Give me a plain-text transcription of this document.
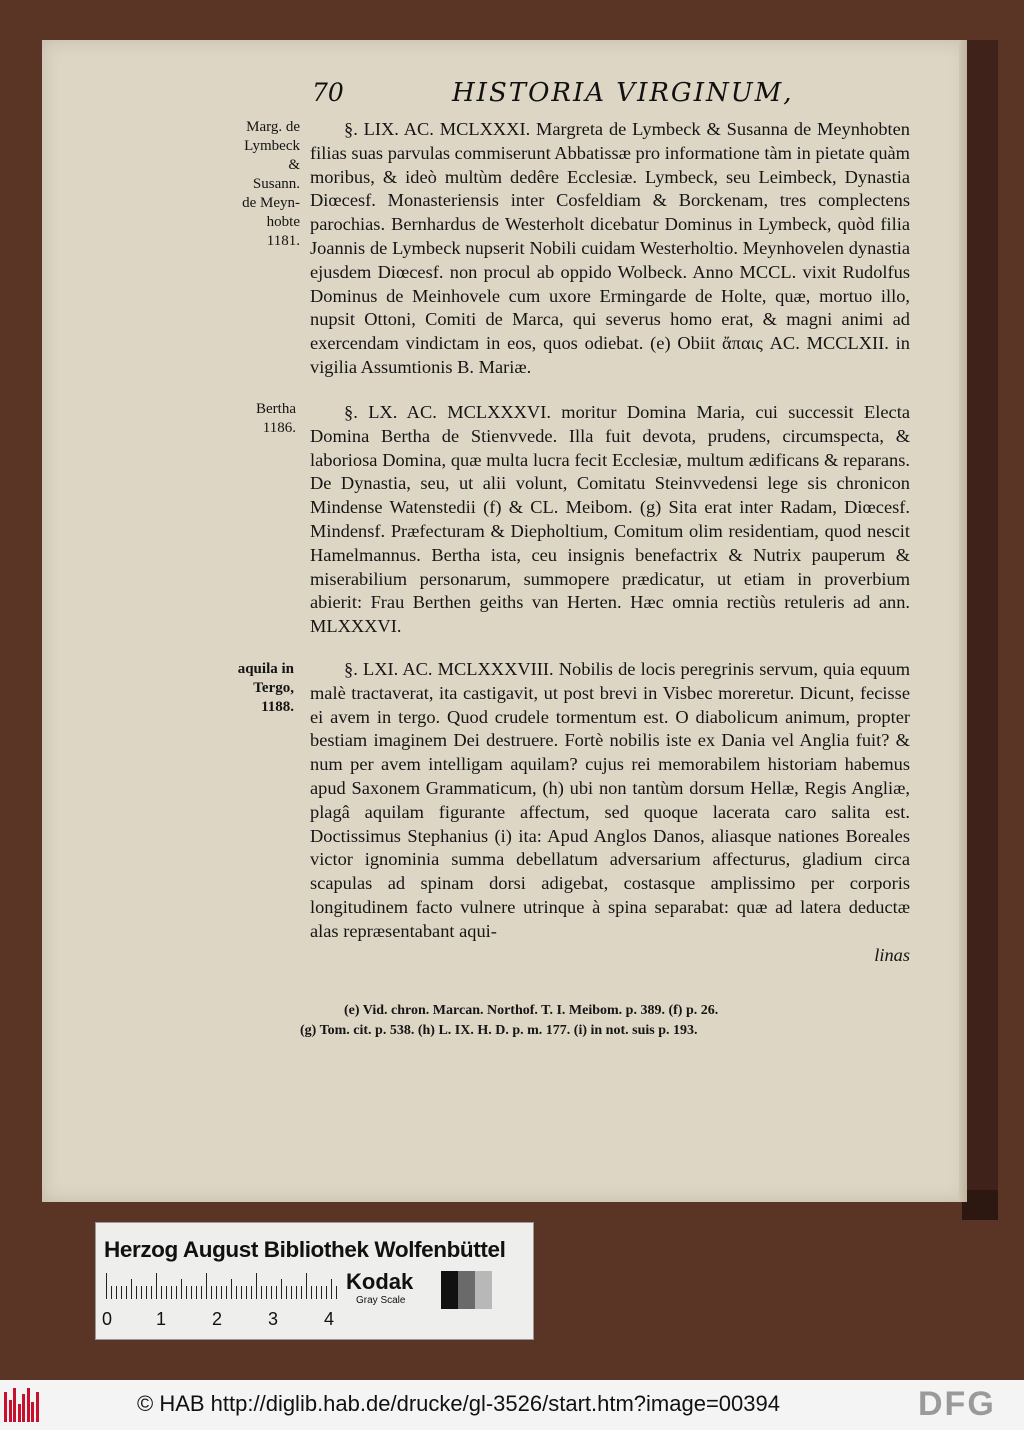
70	HISTORIA VIRGINUM,
Marg. de
Lymbeck
& Susann.
de Meyn-
hobte
1181.
Bertha
1186.
aquila in
Tergo,
1188.

§. LIX. AC. MCLXXXI. Margreta de Lymbeck & Susanna de Meynhobten filias suas parvulas commiserunt Abbatissæ pro informatione tàm in pietate quàm moribus, & ideò multùm dedêre Ecclesiæ. Lymbeck, seu Leimbeck, Dynastia Diœcesf. Monasteriensis inter Cosfeldiam & Borckenam, tres complectens parochias. Bernhardus de Westerholt dicebatur Dominus in Lymbeck, quòd filia Joannis de Lymbeck nupserit Nobili cuidam Westerholtio. Meynhovelen dynastia ejusdem Diœcesf. non procul ab oppido Wolbeck. Anno MCCL. vixit Rudolfus Dominus de Meinhovele cum uxore Ermingarde de Holte, quæ, mortuo illo, nupsit Ottoni, Comiti de Marca, qui severus homo erat, & magni animi ad exercendam vindictam in eos, quos odiebat. (e) Obiit ἄπαις AC. MCCLXII. in vigilia Assumtionis B. Mariæ.

§. LX. AC. MCLXXXVI. moritur Domina Maria, cui successit Electa Domina Bertha de Stienvvede. Illa fuit devota, prudens, circumspecta, & laboriosa Domina, quæ multa lucra fecit Ecclesiæ, multum ædificans & reparans. De Dynastia, seu, ut alii volunt, Comitatu Steinvvedensi lege sis chronicon Mindense Watenstedii (f) & CL. Meibom. (g) Sita erat inter Radam, Diœcesf. Mindensf. Præfecturam & Diepholtium, Comitum olim residentiam, quod nescit Hamelmannus. Bertha ista, ceu insignis benefactrix & Nutrix pauperum & miserabilium personarum, summopere prædicatur, ut etiam in proverbium abierit: Frau Berthen geiths van Herten. Hæc omnia rectiùs retuleris ad ann. MLXXXVI.

§. LXI. AC. MCLXXXVIII. Nobilis de locis peregrinis servum, quia equum malè tractaverat, ita castigavit, ut post brevi in Visbec moreretur. Dicunt, fecisse ei avem in tergo. Quod crudele tormentum est. O diabolicum animum, propter bestiam imaginem Dei destruere. Fortè nobilis iste ex Dania vel Anglia fuit? & num per avem intelligam aquilam? cujus rei memorabilem historiam habemus apud Saxonem Grammaticum, (h) ubi non tantùm dorsum Hellæ, Regis Angliæ, plagâ aquilam figurante affectum, sed quoque lacerata caro salita est. Doctissimus Stephanius (i) ita: Apud Anglos Danos, aliasque nationes Boreales victor ignominia summa debellatum adversarium affecturus, gladium circa scapulas ad spinam dorsi adigebat, costasque amplissimo per corporis longitudinem facto vulnere utrinque à spina separabat: quæ ad latera deductæ alas repræsentabant aqui-

linas

(e) Vid. chron. Marcan. Northof. T. I. Meibom. p. 389. (f) p. 26.

(g) Tom. cit. p. 538. (h) L. IX. H. D. p. m. 177. (i) in not. suis p. 193.

Herzog August Bibliothek Wolfenbüttel
0 1	2	3	4
Kodak
Gray Scale
© HAB http://diglib.hab.de/drucke/gl-3526/start.htm?image=00394	DFG
